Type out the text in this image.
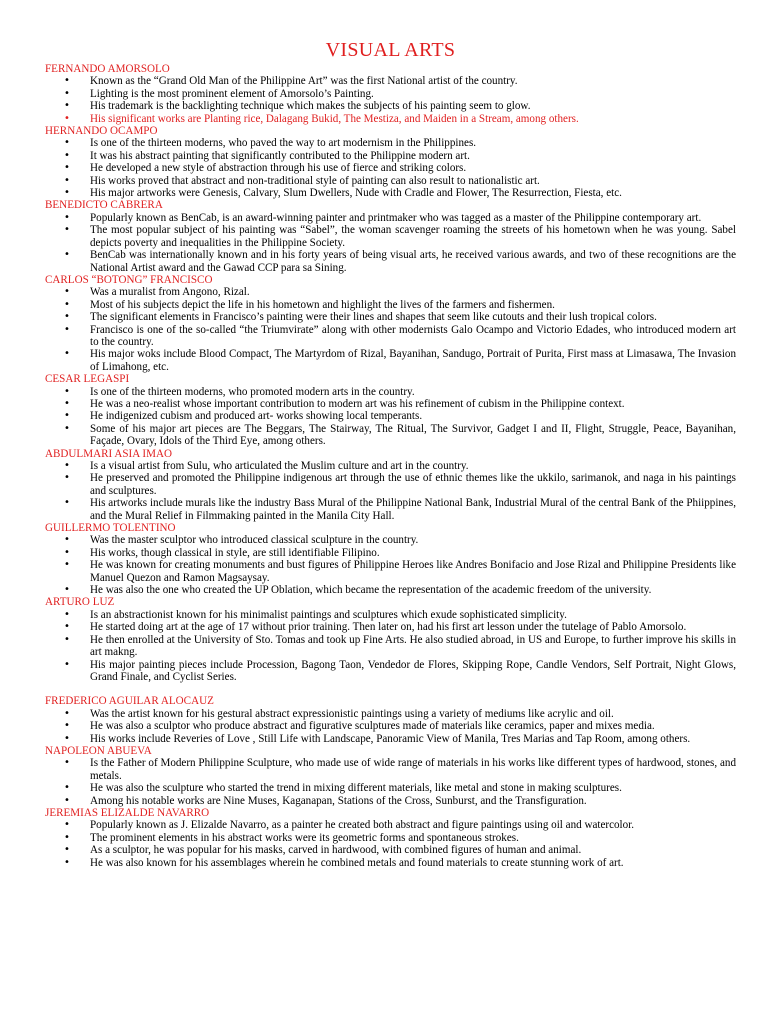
VISUAL ARTS
FERNANDO AMORSOLO
• Known as the “Grand Old Man of the Philippine Art” was the first National artist of the country.
• Lighting is the most prominent element of Amorsolo’s Painting.
• His trademark is the backlighting technique which makes the subjects of his painting seem to glow.
• His significant works are Planting rice, Dalagang Bukid, The Mestiza, and Maiden in a Stream, among others.
HERNANDO OCAMPO
• Is one of the thirteen moderns, who paved the way to art modernism in the Philippines.
• It was his abstract painting that significantly contributed to the Philippine modern art.
• He developed a new style of abstraction through his use of fierce and striking colors.
• His works proved that abstract and non-traditional style of painting can also result to nationalistic art.
• His major artworks were Genesis, Calvary, Slum Dwellers, Nude with Cradle and Flower, The Resurrection, Fiesta, etc.
BENEDICTO CABRERA
• Popularly known as BenCab, is an award-winning painter and printmaker who was tagged as a master of the Philippine contemporary art.
• The most popular subject of his painting was “Sabel”, the woman scavenger roaming the streets of his hometown when he was young. Sabel depicts poverty and inequalities in the Philippine Society.
• BenCab was internationally known and in his forty years of being visual arts, he received various awards, and two of these recognitions are the National Artist award and the Gawad CCP para sa Sining.
CARLOS “BOTONG” FRANCISCO
• Was a muralist from Angono, Rizal.
• Most of his subjects depict the life in his hometown and highlight the lives of the farmers and fishermen.
• The significant elements in Francisco’s painting were their lines and shapes that seem like cutouts and their lush tropical colors.
• Francisco is one of the so-called “the Triumvirate” along with other modernists Galo Ocampo and Victorio Edades, who introduced modern art to the country.
• His major woks include Blood Compact, The Martyrdom of Rizal, Bayanihan, Sandugo, Portrait of Purita, First mass at Limasawa, The Invasion of Limahong, etc.
CESAR LEGASPI
• Is one of the thirteen moderns, who promoted modern arts in the country.
• He was a neo-realist whose important contribution to modern art was his refinement of cubism in the Philippine context.
• He indigenized cubism and produced art- works showing local temperants.
• Some of his major art pieces are The Beggars, The Stairway, The Ritual, The Survivor, Gadget I and II, Flight, Struggle, Peace, Bayanihan, Façade, Ovary, Idols of the Third Eye, among others.
ABDULMARI ASIA IMAO
• Is a visual artist from Sulu, who articulated the Muslim culture and art in the country.
• He preserved and promoted the Philippine indigenous art through the use of ethnic themes like the ukkilo, sarimanok, and naga in his paintings and sculptures.
• His artworks include murals like the industry Bass Mural of the Philippine National Bank, Industrial Mural of the central Bank of the Phiippines, and the Mural Relief in Filmmaking painted in the Manila City Hall.
GUILLERMO TOLENTINO
• Was the master sculptor who introduced classical sculpture in the country.
• His works, though classical in style, are still identifiable Filipino.
• He was known for creating monuments and bust figures of Philippine Heroes like Andres Bonifacio and Jose Rizal and Philippine Presidents like Manuel Quezon and Ramon Magsaysay.
• He was also the one who created the UP Oblation, which became the representation of the academic freedom of the university.
ARTURO LUZ
• Is an abstractionist known for his minimalist paintings and sculptures which exude sophisticated simplicity.
• He started doing art at the age of 17 without prior training. Then later on, had his first art lesson under the tutelage of Pablo Amorsolo.
• He then enrolled at the University of Sto. Tomas and took up Fine Arts. He also studied abroad, in US and Europe, to further improve his skills in art makng.
• His major painting pieces include Procession, Bagong Taon, Vendedor de Flores, Skipping Rope, Candle Vendors, Self Portrait, Night Glows, Grand Finale, and Cyclist Series.
FREDERICO AGUILAR ALOCAUZ
• Was the artist known for his gestural abstract expressionistic paintings using a variety of mediums like acrylic and oil.
• He was also a sculptor who produce abstract and figurative sculptures made of materials like ceramics, paper and mixes media.
• His works include Reveries of Love , Still Life with Landscape, Panoramic View of Manila, Tres Marias and Tap Room, among others.
NAPOLEON ABUEVA
• Is the Father of Modern Philippine Sculpture, who made use of wide range of materials in his works like different types of hardwood, stones, and metals.
• He was also the sculpture who started the trend in mixing different materials, like metal and stone in making sculptures.
• Among his notable works are Nine Muses, Kaganapan, Stations of the Cross, Sunburst, and the Transfiguration.
JEREMIAS ELIZALDE NAVARRO
• Popularly known as J. Elizalde Navarro, as a painter he created both abstract and figure paintings using oil and watercolor.
• The prominent elements in his abstract works were its geometric forms and spontaneous strokes.
• As a sculptor, he was popular for his masks, carved in hardwood, with combined figures of human and animal.
• He was also known for his assemblages wherein he combined metals and found materials to create stunning work of art.
